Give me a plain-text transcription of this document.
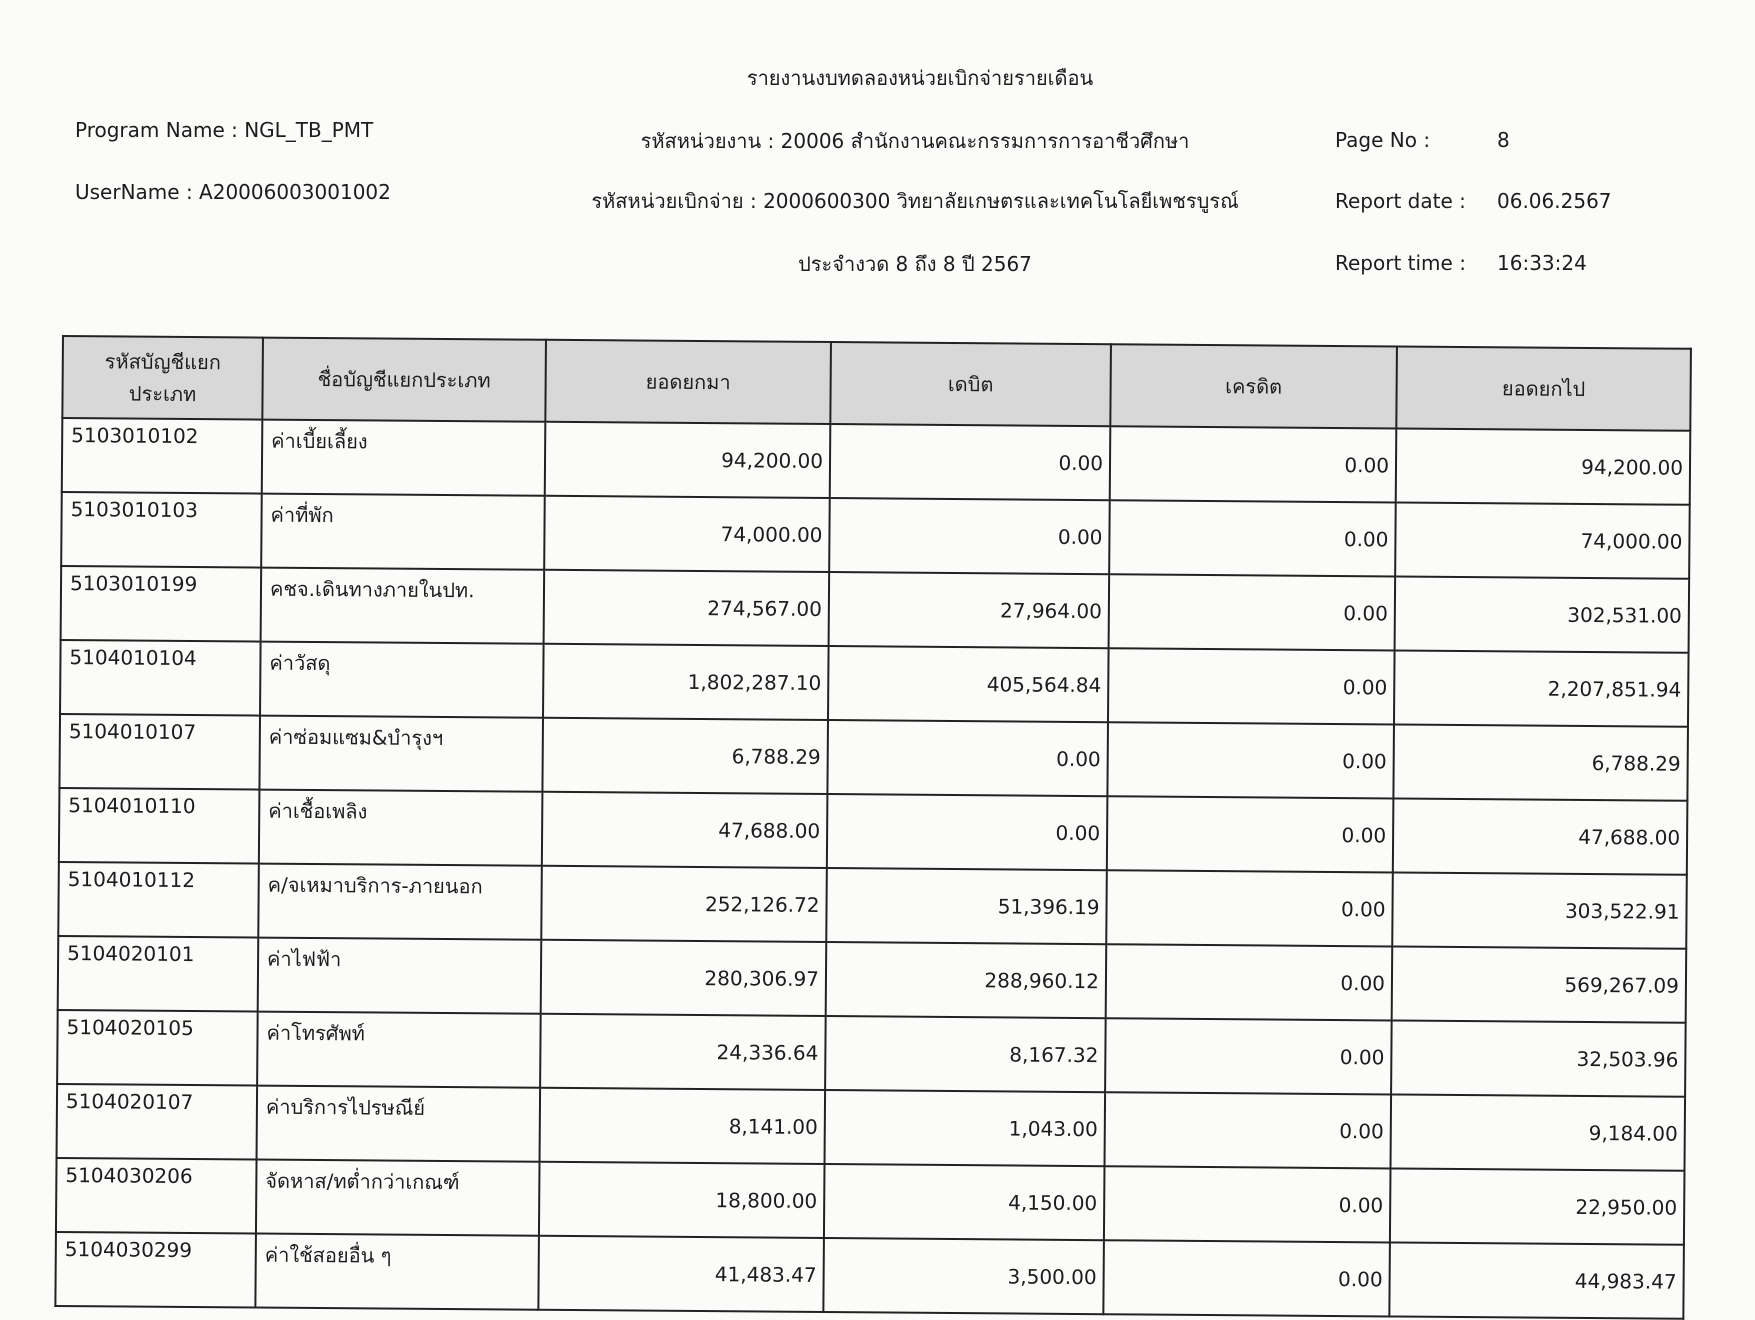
รายงานงบทดลองหน่วยเบิกจ่ายรายเดือน
Program Name : NGL_TB_PMT
UserName : A20006003001002
รหัสหน่วยงาน : 20006 สำนักงานคณะกรรมการการอาชีวศึกษา
รหัสหน่วยเบิกจ่าย : 2000600300 วิทยาลัยเกษตรและเทคโนโลยีเพชรบูรณ์
ประจำงวด 8 ถึง 8 ปี 2567
Page No :	8
Report date : 06.06.2567
Report time : 16:33:24
รหัสบัญชีแยกประเภท	ชื่อบัญชีแยกประเภท	ยอดยกมา	เดบิต	เครดิต	ยอดยกไป
5103010102	ค่าเบี้ยเลี้ยง	94,200.00	0.00	0.00	94,200.00
5103010103	ค่าที่พัก	74,000.00	0.00	0.00	74,000.00
5103010199	คชจ.เดินทางภายในปท.	274,567.00	27,964.00	0.00	302,531.00
5104010104	ค่าวัสดุ	1,802,287.10	405,564.84	0.00	2,207,851.94
5104010107	ค่าซ่อมแซม&บำรุงฯ	6,788.29	0.00	0.00	6,788.29
5104010110	ค่าเชื้อเพลิง	47,688.00	0.00	0.00	47,688.00
5104010112	ค/จเหมาบริการ-ภายนอก	252,126.72	51,396.19	0.00	303,522.91
5104020101	ค่าไฟฟ้า	280,306.97	288,960.12	0.00	569,267.09
5104020105	ค่าโทรศัพท์	24,336.64	8,167.32	0.00	32,503.96
5104020107	ค่าบริการไปรษณีย์	8,141.00	1,043.00	0.00	9,184.00
5104030206	จัดหาส/ทต่ำกว่าเกณฑ์	18,800.00	4,150.00	0.00	22,950.00
5104030299	ค่าใช้สอยอื่น ๆ	41,483.47	3,500.00	0.00	44,983.47
